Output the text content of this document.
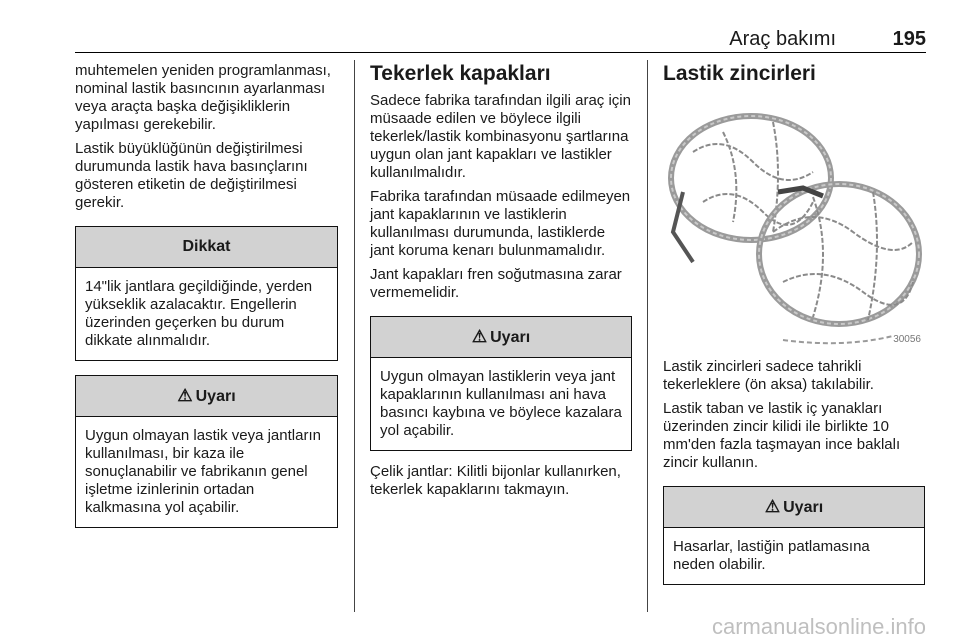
Araç bakımı	195

muhtemelen yeniden programlanması, nominal lastik basıncının ayarlanması veya araçta başka değişikliklerin yapılması gerekebilir.

Lastik büyüklüğünün değiştirilmesi durumunda lastik hava basınçlarını gösteren etiketin de değiştirilmesi gerekir.

Dikkat
14"lik jantlara geçildiğinde, yerden yükseklik azalacaktır. Engellerin üzerinden geçerken bu durum dikkate alınmalıdır.
⚠ Uyarı
Uygun olmayan lastik veya jantların kullanılması, bir kaza ile sonuçlanabilir ve fabrikanın genel işletme izinlerinin ortadan kalkmasına yol açabilir.
Tekerlek kapakları

Sadece fabrika tarafından ilgili araç için müsaade edilen ve böylece ilgili tekerlek/lastik kombinasyonu şartlarına uygun olan jant kapakları ve lastikler kullanılmalıdır.

Fabrika tarafından müsaade edilmeyen jant kapaklarının ve lastiklerin kullanılması durumunda, lastiklerde jant koruma kenarı bulunmamalıdır.

Jant kapakları fren soğutmasına zarar vermemelidir.

⚠ Uyarı
Uygun olmayan lastiklerin veya jant kapaklarının kullanılması ani hava basıncı kaybına ve böylece kazalara yol açabilir.

Çelik jantlar: Kilitli bijonlar kullanırken, tekerlek kapaklarını takmayın.

Lastik zincirleri
30056

Lastik zincirleri sadece tahrikli tekerleklere (ön aksa) takılabilir.

Lastik taban ve lastik iç yanakları üzerinden zincir kilidi ile birlikte 10 mm'den fazla taşmayan ince baklalı zincir kullanın.

⚠ Uyarı
Hasarlar, lastiğin patlamasına neden olabilir.
carmanualsonline.info
